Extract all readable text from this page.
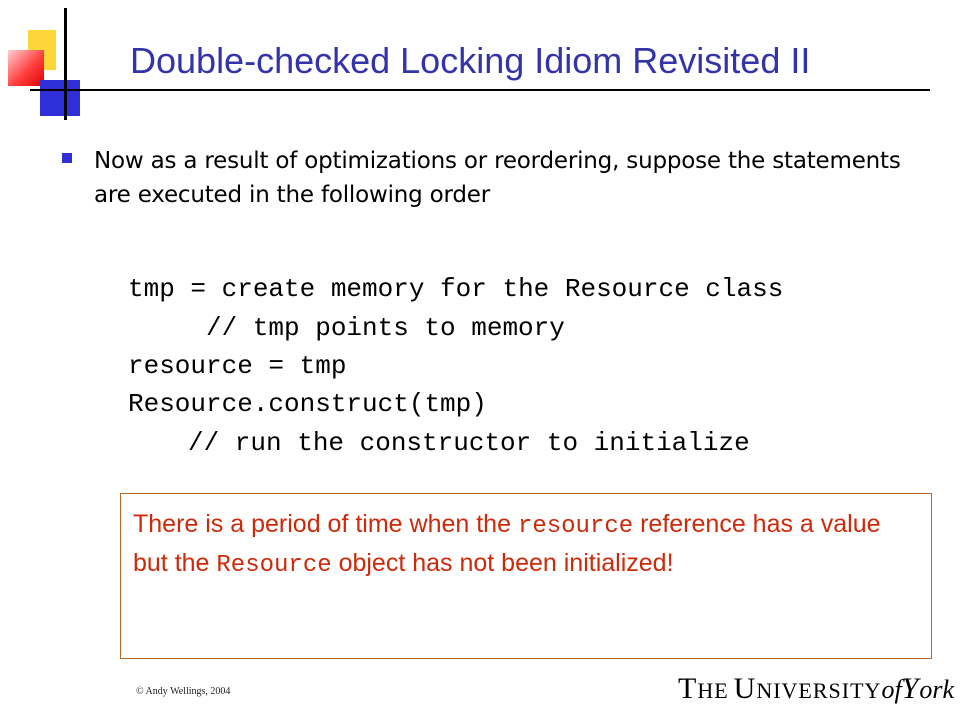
Double-checked Locking Idiom Revisited II
Now as a result of optimizations or reordering, suppose the statements are executed in the following order
tmp = create memory for the Resource class
// tmp points to memory
resource = tmp
Resource.construct(tmp)
// run the constructor to initialize
There is a period of time when the resource reference has a value but the Resource object has not been initialized!
© Andy Wellings, 2004	THE UNIVERSITYofYork
